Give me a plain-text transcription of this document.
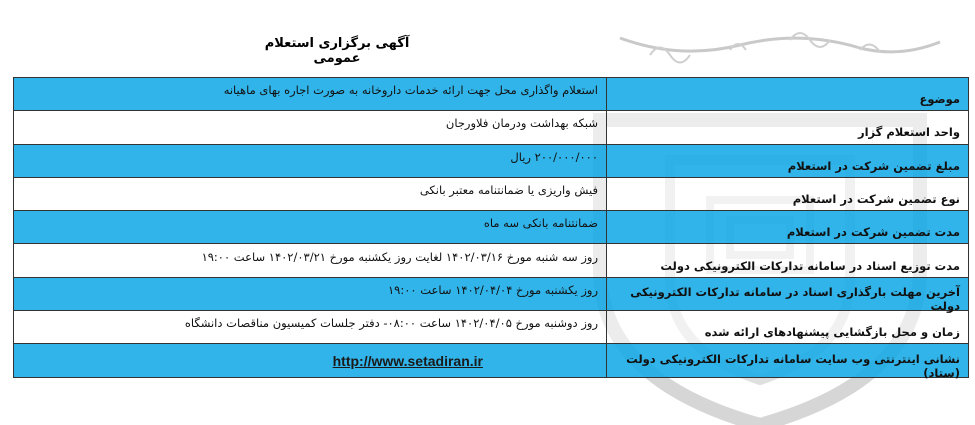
آگهی برگزاری استعلام عمومی
موضوع	استعلام واگذاری محل جهت ارائه خدمات داروخانه به صورت اجاره بهای ماهیانه
واحد استعلام گزار	شبکه بهداشت ودرمان فلاورجان
مبلغ تضمین شرکت در استعلام	۲۰۰/۰۰۰/۰۰۰ ریال
نوع تضمین شرکت در استعلام	فیش واریزی یا ضمانتنامه معتبر بانکی
مدت تضمین شرکت در استعلام	ضمانتنامه بانکی سه ماه
مدت توزیع اسناد در سامانه تدارکات الکترونیکی دولت	روز سه شنبه مورخ ۱۴۰۲/۰۳/۱۶ لغایت روز یکشنبه مورخ ۱۴۰۲/۰۳/۲۱ ساعت ۱۹:۰۰
آخرین مهلت بارگذاری اسناد در سامانه تدارکات الکترونیکی دولت	روز یکشنبه مورخ ۱۴۰۲/۰۴/۰۴ ساعت ۱۹:۰۰
زمان و محل بازگشایی پیشنهادهای ارائه شده	روز دوشنبه مورخ ۱۴۰۲/۰۴/۰۵ ساعت ۰۸:۰۰- دفتر جلسات کمیسیون مناقصات دانشگاه
نشانی اینترنتی وب سایت سامانه تدارکات الکترونیکی دولت (ستاد)	http://www.setadiran.ir
